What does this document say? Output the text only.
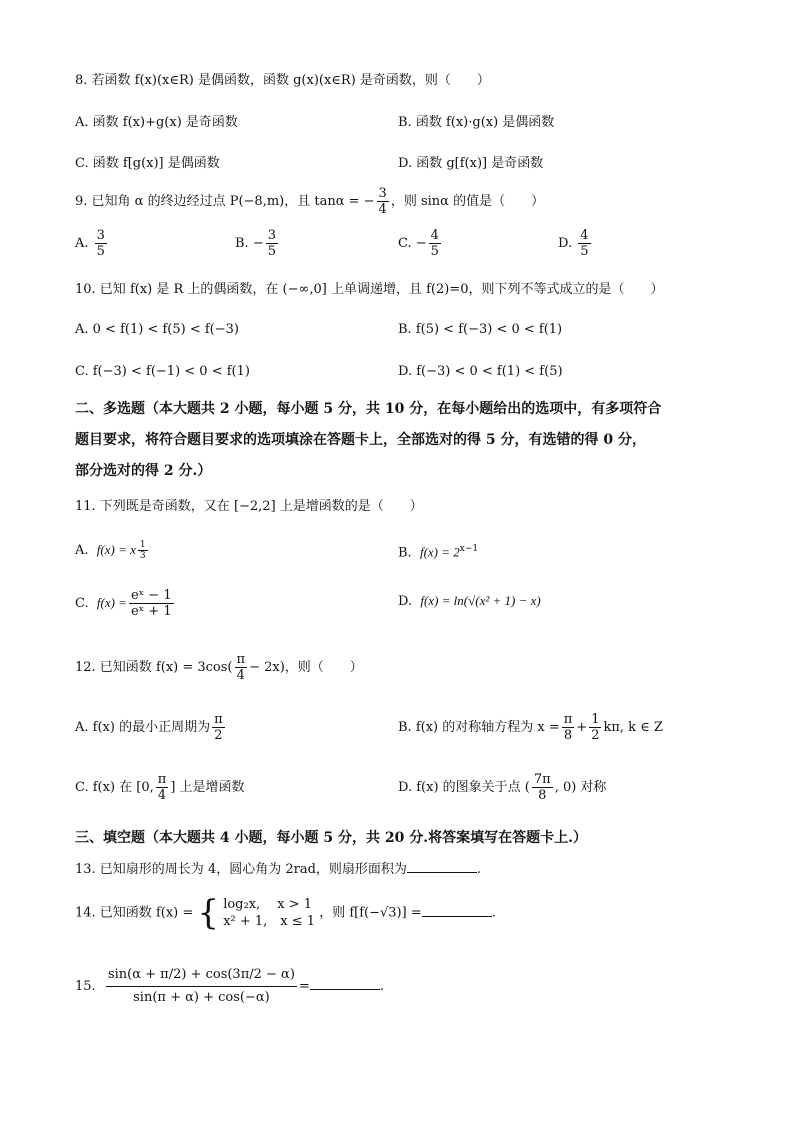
8. 若函数 f(x)(x∈R) 是偶函数，函数 g(x)(x∈R) 是奇函数，则（　　）
A. 函数 f(x)+g(x) 是奇函数	B. 函数 f(x)·g(x) 是偶函数
C. 函数 f[g(x)] 是偶函数	D. 函数 g[f(x)] 是奇函数
9. 已知角 α 的终边经过点 P(−8,m)，且 tanα = − $\frac{3}{4}$ ，则 sinα 的值是（　　）
A. $\frac{3}{5}$	B. − $\frac{3}{5}$	C. − $\frac{4}{5}$	D. $\frac{4}{5}$
10. 已知 f(x) 是 R 上的偶函数，在 (−∞,0] 上单调递增，且 f(2)=0，则下列不等式成立的是（　　）
A. 0 < f(1) < f(5) < f(−3)	B. f(5) < f(−3) < 0 < f(1)
C. f(−3) < f(−1) < 0 < f(1)	D. f(−3) < 0 < f(1) < f(5)
二、多选题（本大题共 2 小题，每小题 5 分，共 10 分，在每小题给出的选项中，有多项符合
题目要求，将符合题目要求的选项填涂在答题卡上，全部选对的得 5 分，有选错的得 0 分，
部分选对的得 2 分.）
11. 下列既是奇函数，又在 [−2,2] 上是增函数的是（　　）
A. f(x) = x $\frac{1}{3}$	B. $f(x) = 2^{x-1}$
C. $f(x) = \frac{\text{eˣ − 1}}{\text{eˣ + 1}}$	D. f(x) = ln(√(x² + 1) − x)
12. 已知函数 $f(x) = 3\cos( \frac{\pi}{4} - 2x)$，则（　　）
A. f(x) 的最小正周期为 $\frac{\pi}{2}$	B. f(x) 的对称轴方程为 $x = \frac{\pi}{8} + \frac{1}{2} k\pi$, k ∈ Z
C. f(x) 在 [0, $\frac{\pi}{4}$ ] 上是增函数	D. f(x) 的图象关于点 ( $\frac{7\pi}{8}$ , 0) 对称
三、填空题（本大题共 4 小题，每小题 5 分，共 20 分.将答案填写在答题卡上.）
13. 已知扇形的周长为 4，圆心角为 2rad，则扇形面积为	.
14. 已知函数 f(x) = { log₂x,　 x > 1
x² + 1,　x ≤ 1
，则 f[f(−√3)] =	.
15. $\frac{\sin(\alpha + \pi/2) + \cos(3\pi/2 - \alpha)}{\sin(\pi + \alpha) + \cos(-\alpha)}$ =	.
